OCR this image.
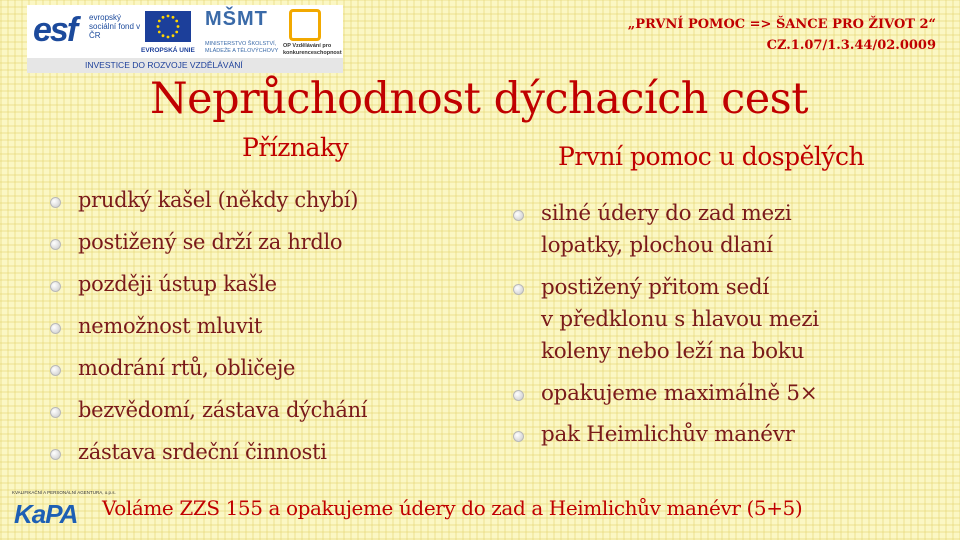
esf evropský sociální fond v ČR
EVROPSKÁ UNIE
MŠMT
MINISTERSTVO ŠKOLSTVÍ, MLÁDEŽE A TĚLOVÝCHOVY
OP Vzdělávání pro konkurenceschopnost
INVESTICE DO ROZVOJE VZDĚLÁVÁNÍ
„PRVNÍ POMOC => ŠANCE PRO ŽIVOT 2“
CZ.1.07/1.3.44/02.0009
Neprůchodnost dýchacích cest
Příznaky	První pomoc u dospělých
prudký kašel (někdy chybí)
postižený se drží za hrdlo
později ústup kašle
nemožnost mluvit
modrání rtů, obličeje
bezvědomí, zástava dýchání
zástava srdeční činnosti
silné údery do zad mezi
lopatky, plochou dlaní
postižený přitom sedí
v předklonu s hlavou mezi
koleny nebo leží na boku
opakujeme maximálně 5×
pak Heimlichův manévr
KVALIFIKAČNÍ A PERSONÁLNÍ AGENTURA, o.p.s.
KaPA Voláme ZZS 155 a opakujeme údery do zad a Heimlichův manévr (5+5)
